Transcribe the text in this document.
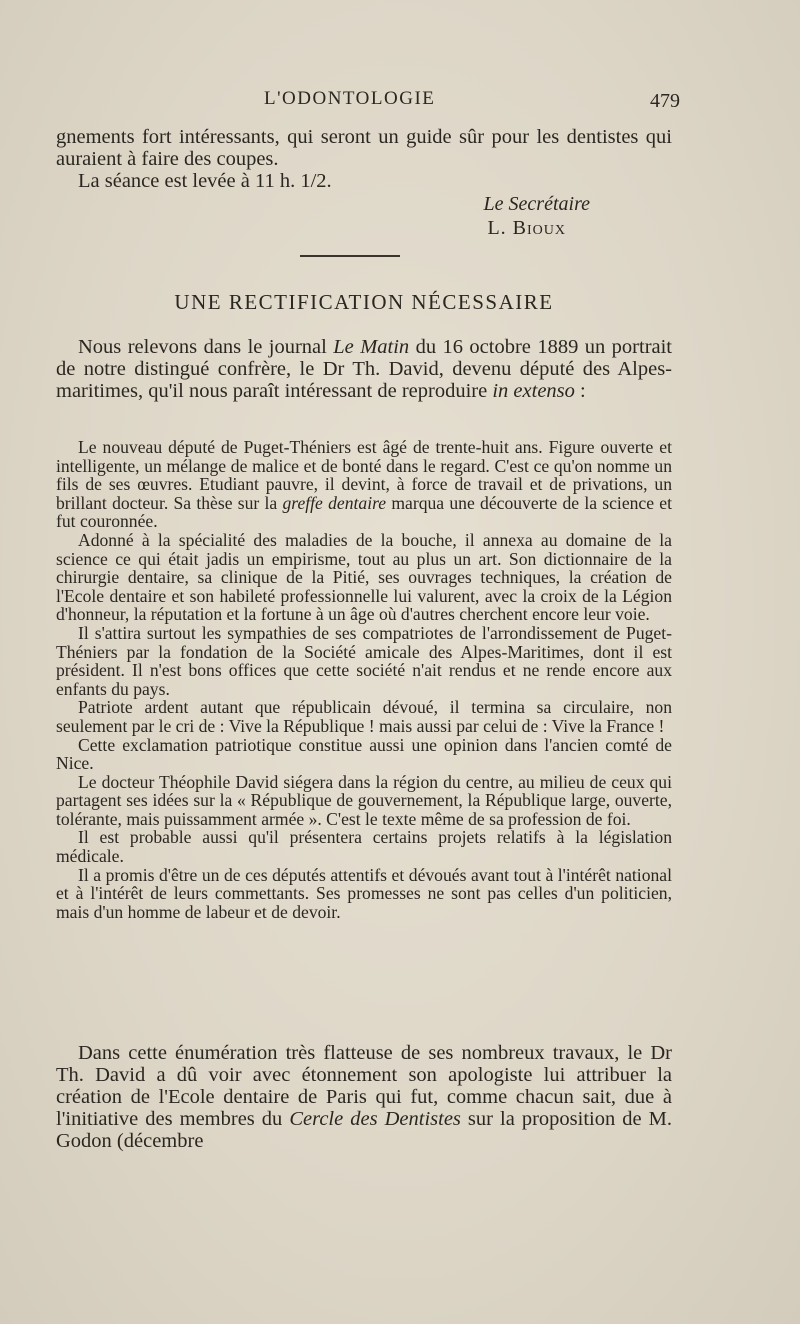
L'ODONTOLOGIE	479

gnements fort intéressants, qui seront un guide sûr pour les dentistes qui auraient à faire des coupes.

La séance est levée à 11 h. 1/2.

Le Secrétaire
L. Bioux
UNE RECTIFICATION NÉCESSAIRE

Nous relevons dans le journal Le Matin du 16 octobre 1889 un portrait de notre distingué confrère, le Dr Th. David, devenu député des Alpes-maritimes, qu'il nous paraît intéressant de reproduire in extenso :

Le nouveau député de Puget-Théniers est âgé de trente-huit ans. Figure ouverte et intelligente, un mélange de malice et de bonté dans le regard. C'est ce qu'on nomme un fils de ses œuvres. Etudiant pauvre, il devint, à force de travail et de privations, un brillant docteur. Sa thèse sur la greffe dentaire marqua une découverte de la science et fut couronnée.

Adonné à la spécialité des maladies de la bouche, il annexa au domaine de la science ce qui était jadis un empirisme, tout au plus un art. Son dictionnaire de la chirurgie dentaire, sa clinique de la Pitié, ses ouvrages techniques, la création de l'Ecole dentaire et son habileté professionnelle lui valurent, avec la croix de la Légion d'honneur, la réputation et la fortune à un âge où d'autres cherchent encore leur voie.

Il s'attira surtout les sympathies de ses compatriotes de l'arrondissement de Puget-Théniers par la fondation de la Société amicale des Alpes-Maritimes, dont il est président. Il n'est bons offices que cette société n'ait rendus et ne rende encore aux enfants du pays.

Patriote ardent autant que républicain dévoué, il termina sa circulaire, non seulement par le cri de : Vive la République ! mais aussi par celui de : Vive la France !

Cette exclamation patriotique constitue aussi une opinion dans l'ancien comté de Nice.

Le docteur Théophile David siégera dans la région du centre, au milieu de ceux qui partagent ses idées sur la « République de gouvernement, la République large, ouverte, tolérante, mais puissamment armée ». C'est le texte même de sa profession de foi.

Il est probable aussi qu'il présentera certains projets relatifs à la législation médicale.

Il a promis d'être un de ces députés attentifs et dévoués avant tout à l'intérêt national et à l'intérêt de leurs commettants. Ses promesses ne sont pas celles d'un politicien, mais d'un homme de labeur et de devoir.

Dans cette énumération très flatteuse de ses nombreux travaux, le Dr Th. David a dû voir avec étonnement son apologiste lui attribuer la création de l'Ecole dentaire de Paris qui fut, comme chacun sait, due à l'initiative des membres du Cercle des Dentistes sur la proposition de M. Godon (décembre
